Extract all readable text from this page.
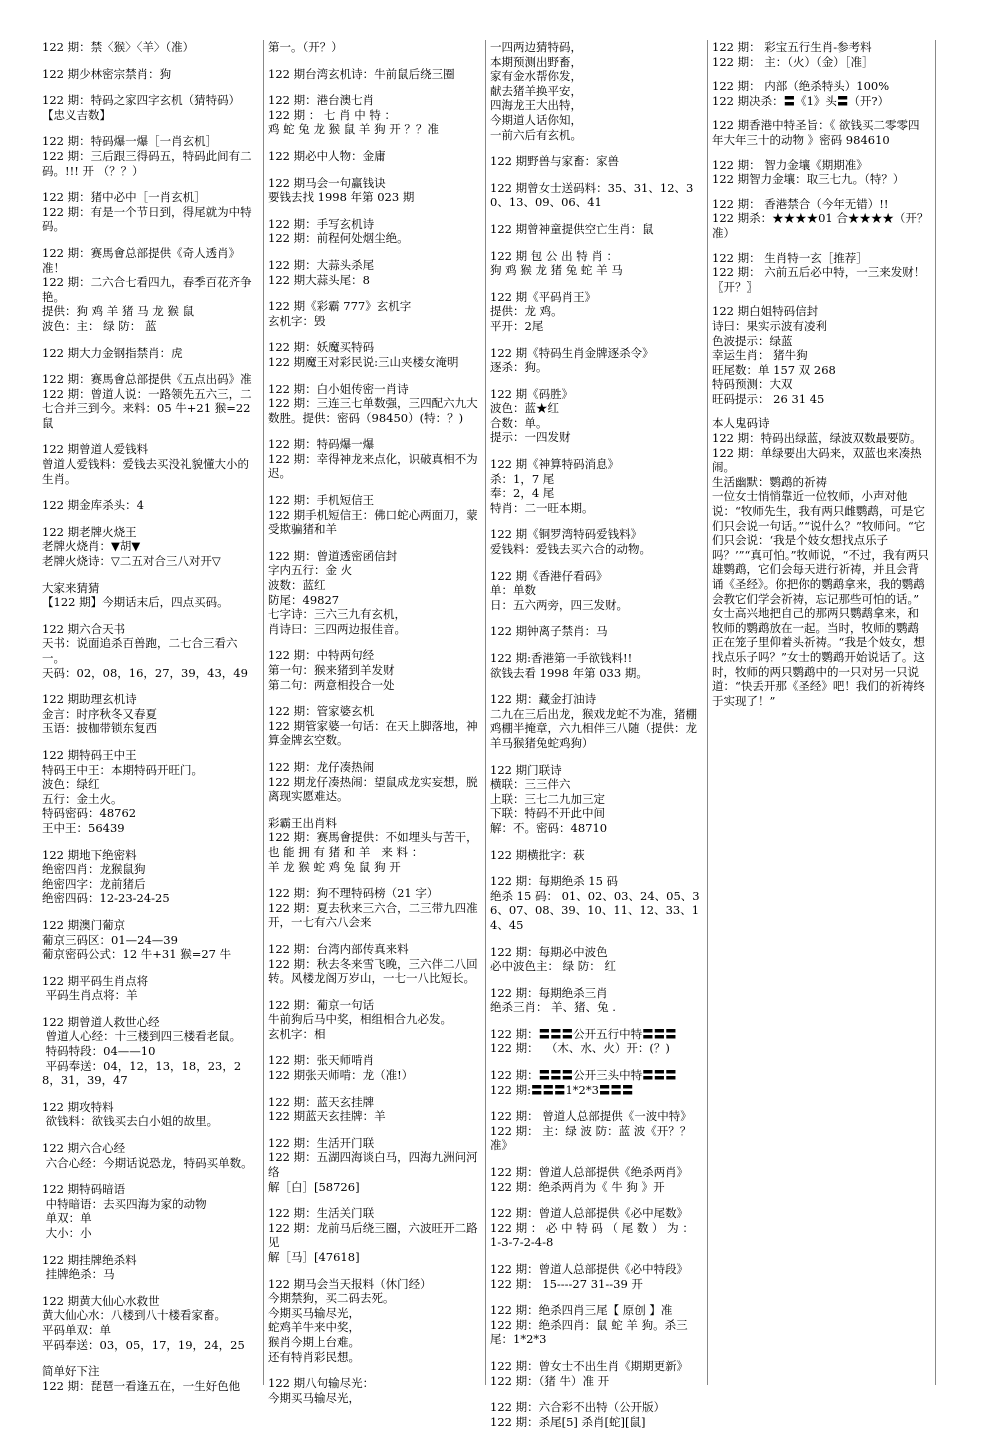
122 期：禁〈猴〉〈羊〉（准）
122 期少林密宗禁肖：狗
122 期：特码之家四字玄机（猜特码）
【忠义吉数】
122 期：特码爆一爆［一肖玄机］
122 期：三后跟三得码五，特码此间有二码。!!! 开 （？？）
122 期：猪中必中［一肖玄机］
122 期：有是一个节日到，得尾就为中特码。
122 期：赛馬會总部提供《奇人透肖》准！
122 期：二六合七看四九，春季百花齐争艳。
提供：狗 鸡 羊 猪 马 龙 猴 鼠
波色：主： 绿 防： 蓝
122 期大力金钢指禁肖：虎
122 期：赛馬會总部提供《五点出码》准
122 期：曾道人说：一路领先五六三，二七合并三到今。来料：05 牛+21 猴=22 鼠
122 期曾道人爱钱料
曾道人爱钱料：爱钱去买没礼貌懂大小的生肖。
122 期金库杀头：4
122 期老牌火烧王
老牌火烧肖：▼胡▼
老牌火烧诗：▽二五对合三八对开▽
大家来猜猜
【122 期】今期话末后，四点买码。
122 期六合天书
天书：说面追杀百兽跑，二七合三看六一。
天码：02，08，16，27，39，43，49
122 期助理玄机诗
金言：时序秋冬又春夏
玉语：披枷带锁东复西
122 期特码王中王
特码王中王：本期特码开旺门。
波色：绿红
五行：金土火。
特码密码：48762
王中王：56439
122 期地下绝密料
绝密四肖：龙猴鼠狗
绝密四字：龙前猪后
绝密四码：12-23-24-25
122 期澳门葡京
葡京三码区：01—24—39
葡京密码公式：12 牛+31 猴=27 牛
122 期平码生肖点将
平码生肖点将：羊
122 期曾道人救世心经
曾道人心经：十三楼到四三楼看老鼠。
特码特段：04——10
平码奉送：04，12，13，18，23，28，31，39，47
122 期攻特料
欲钱料：欲钱买去白小姐的故里。
122 期六合心经
六合心经：今期话说恐龙，特码买单数。
122 期特码暗语
中特暗语：去买四海为家的动物
单双：单
大小：小
122 期挂牌绝杀料
挂牌绝杀：马
122 期黄大仙心水救世
黄大仙心水：八楼到八十楼看家畜。
平码单双：单
平码奉送：03，05，17，19，24，25
简单好下注
122 期：琵琶一看逢五在，一生好色他
第一。（开？）
122 期台湾玄机诗：牛前鼠后绕三圈
122 期：港台澳七肖
122 期 ： 七 肖 中 特 ：
鸡 蛇 兔 龙 猴 鼠 羊 狗 开 ？？准
122 期必中人物：金庸
122 期马会一句赢钱诀
要钱去找 1998 年第 023 期
122 期：手写玄机诗
122 期：前程何处烟尘绝。
122 期：大蒜头杀尾
122 期大蒜头尾：8
122 期《彩霸 777》玄机字
玄机字：毁
122 期：妖魔买特码
122 期魔王对彩民说:三山夹楼女淹明
122 期：白小姐传密一肖诗
122 期：三连三七单数强，三四配六九大数胜。提供：密码（98450）(特：？)
122 期：特码爆一爆
122 期：幸得神龙来点化，识破真相不为迟。
122 期：手机短信王
122 期手机短信王：佛口蛇心两面刀，蒙受欺骗猪和羊
122 期：曾道透密函信封
字内五行：金 火
波数：蓝红
防尾：49827
七字诗：三六三九有玄机，
肖诗曰：三四两边报佳音。
122 期：中特两句经
第一句：猴来猪到羊发财
第二句：两意相投合一处
122 期：管家婆玄机
122 期管家婆一句话：在天上脚落地，神算金牌玄空数。
122 期：龙仔凑热闹
122 期龙仔凑热闹：望鼠成龙实妄想，脱离现实愿难达。
彩霸王出肖料
122 期：赛馬會提供：不如埋头与苦干，也 能 拥 有 猪 和 羊   来 料 ：
羊 龙 猴 蛇 鸡 兔 鼠 狗 开
122 期：狗不理特码榜（21 字）
122 期：夏去秋来三六合，二三带九四准开，一七有六八会来
122 期：台湾内部传真来料
122 期：秋去冬来雪飞晚，三六伴二八回转。风楼龙阁万岁山，一七一八比短长。
122 期：葡京一句话
牛前狗后马中奖，相组相合九必发。
玄机字：相
122 期：张天师啃肖
122 期张天师啃：龙（准!）
122 期：蓝天玄挂牌
122 期蓝天玄挂牌：羊
122 期：生活开门联
122 期：五湖四海谈白马，四海九洲问河络
解［白］[58726]
122 期：生活关门联
122 期：龙前马后绕三圈，六波旺开二路见
解［马］[47618]
122 期马会当天报料（休门经）
今期禁狗，买二码去死。
今期买马输尽光，
蛇鸡羊牛来中奖，
猴肖今期上台难。
还有特肖彩民想。
122 期八句输尽光：
今期买马输尽光，
一四两边猜特码，
本期预测出野畜，
家有金水帮你发，
献去猪羊换平安，
四海龙王大出特，
今期道人话你知，
一前六后有玄机。
122 期野兽与家畜：家兽
122 期曾女士送码料：35、31、12、30、13、09、06、41
122 期曾神童提供空亡生肖：鼠
122 期 包 公 出 特 肖 ：
狗 鸡 猴 龙 猪 兔 蛇 羊 马
122 期《平码肖王》
提供：龙 鸡。
平开：2尾
122 期《特码生肖金牌逐杀令》
逐杀：狗。
122 期《码胜》
波色：蓝★红
合数：单。
提示：一四发财
122 期《神算特码消息》
杀：1，7 尾
奉：2，4 尾
特肖：二一旺本期。
122 期《铜罗湾特码爱钱料》
爱钱料：爱钱去买六合的动物。
122 期《香港仔看码》
单：单数
日：五六两旁，四三发财。
122 期钟离子禁肖：马
122 期:香港第一手欲钱料!!
欲钱去看 1998 年第 033 期。
122 期：藏金打油诗
二九在三后出龙，猴戏龙蛇不为准，猪棚鸡棚半掩章，六九相伴三八随（提供：龙羊马猴猪兔蛇鸡狗）
122 期门联诗
横联：三三伴六
上联：三七二九加三定
下联：特码不开此中间
解：不。密码：48710
122 期横批字：萩
122 期：每期绝杀 15 码
绝杀 15 码： 01、02、03、24、05、36、07、08、39、10、11、12、33、14、45
122 期：每期必中波色
必中波色主： 绿 防： 红
122 期：每期绝杀三肖
绝杀三肖： 羊、猪、兔 .
122 期：〓〓〓公开五行中特〓〓〓
122 期：  （木、水、火）开：(？)
122 期：〓〓〓公开三头中特〓〓〓
122 期:〓〓〓1*2*3〓〓〓
122 期： 曾道人总部提供《一波中特》
122 期： 主：绿 波 防：蓝 波《开？？准》
122 期：曾道人总部提供《绝杀两肖》
122 期：绝杀两肖为《 牛 狗 》开
122 期：曾道人总部提供《必中尾数》
122 期 ： 必 中 特 码 （ 尾 数 ） 为 ：
1-3-7-2-4-8
122 期：曾道人总部提供《必中特段》
122 期： 15----27 31--39 开
122 期：绝杀四肖三尾【 原创 】准
122 期：绝杀四肖：鼠 蛇 羊 狗。杀三尾：1*2*3
122 期：曾女士不出生肖《期期更新》
122 期：（猪 牛）准 开
122 期：六合彩不出特（公开版）
122 期：杀尾[5] 杀肖[蛇][鼠]
122 期： 彩宝五行生肖-参考料
122 期： 主：（火）（金）［准］
122 期： 内部（绝杀特头）100%
122 期决杀：〓《1》头〓（开?）
122 期香港中特圣旨：《 欲钱买二零零四年大年三十的动物 》密码 984610
122 期： 智力金壤《期期准》
122 期智力金壤：取三七九。（特？）
122 期： 香港禁合（今年无错）!!
122 期杀：★★★★01 合★★★★（开？准）
122 期： 生肖特一玄［推荐］
122 期： 六前五后必中特，一三来发财！〖开？〗
122 期白姐特码信封
诗曰：果实示波有凌利
色波提示：绿蓝
幸运生肖： 猪牛狗
旺尾数：单 157 双 268
特码预测：大双
旺码提示： 26 31 45
本人鬼码诗
122 期：特码出绿蓝，绿波双数最要防。
122 期：单绿要出大码来，双蓝也来凑热闹。
生活幽默：鹦鹉的祈祷
一位女士悄悄靠近一位牧师，小声对他说：“牧师先生，我有两只雌鹦鹉，可是它们只会说一句话。”“说什么？”牧师问。“它们只会说：‘我是个妓女想找点乐子吗？’”“真可怕。”牧师说，“不过，我有两只雄鹦鹉，它们会每天进行祈祷，并且会背诵《圣经》。你把你的鹦鹉拿来，我的鹦鹉会教它们学会祈祷，忘记那些可怕的话。” 女士高兴地把自己的那两只鹦鹉拿来，和牧师的鹦鹉放在一起。当时，牧师的鹦鹉正在笼子里仰着头祈祷。“我是个妓女，想找点乐子吗？”女士的鹦鹉开始说话了。这时，牧师的两只鹦鹉中的一只对另一只说道：“快丢开那《圣经》吧！我们的祈祷终于实现了！”
